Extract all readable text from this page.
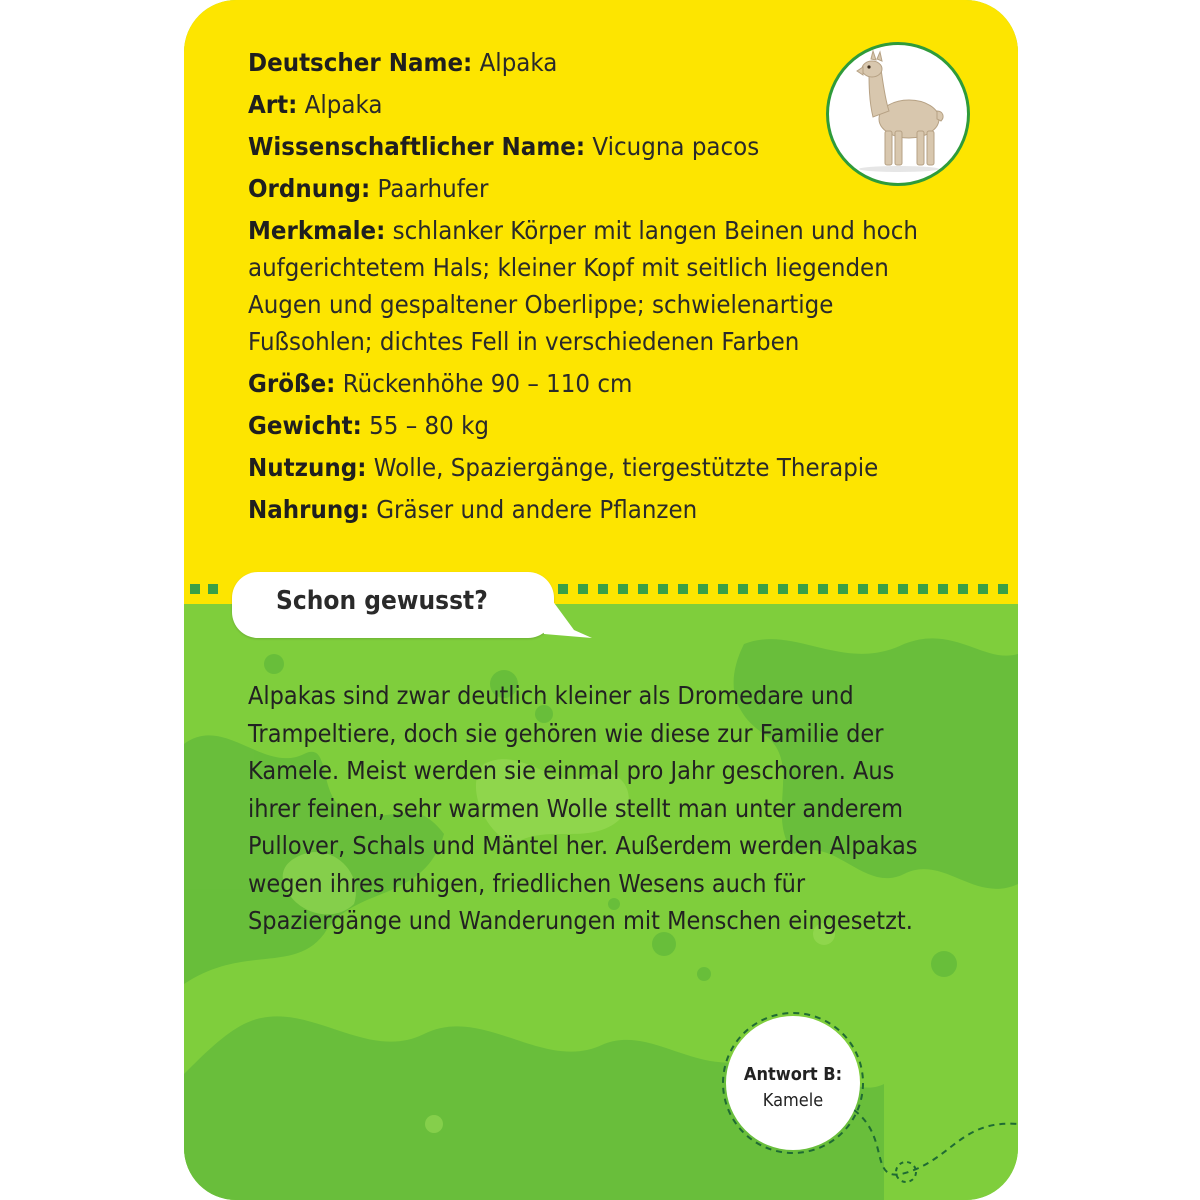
Deutscher Name: Alpaka
Art: Alpaka
Wissenschaftlicher Name: Vicugna pacos
Ordnung: Paarhufer
Merkmale: schlanker Körper mit langen Beinen und hoch aufgerichtetem Hals; kleiner Kopf mit seitlich liegenden Augen und gespaltener Oberlippe; schwielenartige Fußsohlen; dichtes Fell in verschiedenen Farben
Größe: Rückenhöhe 90 – 110 cm
Gewicht: 55 – 80 kg
Nutzung: Wolle, Spaziergänge, tiergestützte Therapie
Nahrung: Gräser und andere Pflanzen
Schon gewusst?
Alpakas sind zwar deutlich kleiner als Dromedare und Trampeltiere, doch sie gehören wie diese zur Familie der Kamele. Meist werden sie einmal pro Jahr geschoren. Aus ihrer feinen, sehr warmen Wolle stellt man unter anderem Pullover, Schals und Mäntel her. Außerdem werden Alpakas wegen ihres ruhigen, friedlichen Wesens auch für Spaziergänge und Wanderungen mit Menschen eingesetzt.
Antwort B:
Kamele
